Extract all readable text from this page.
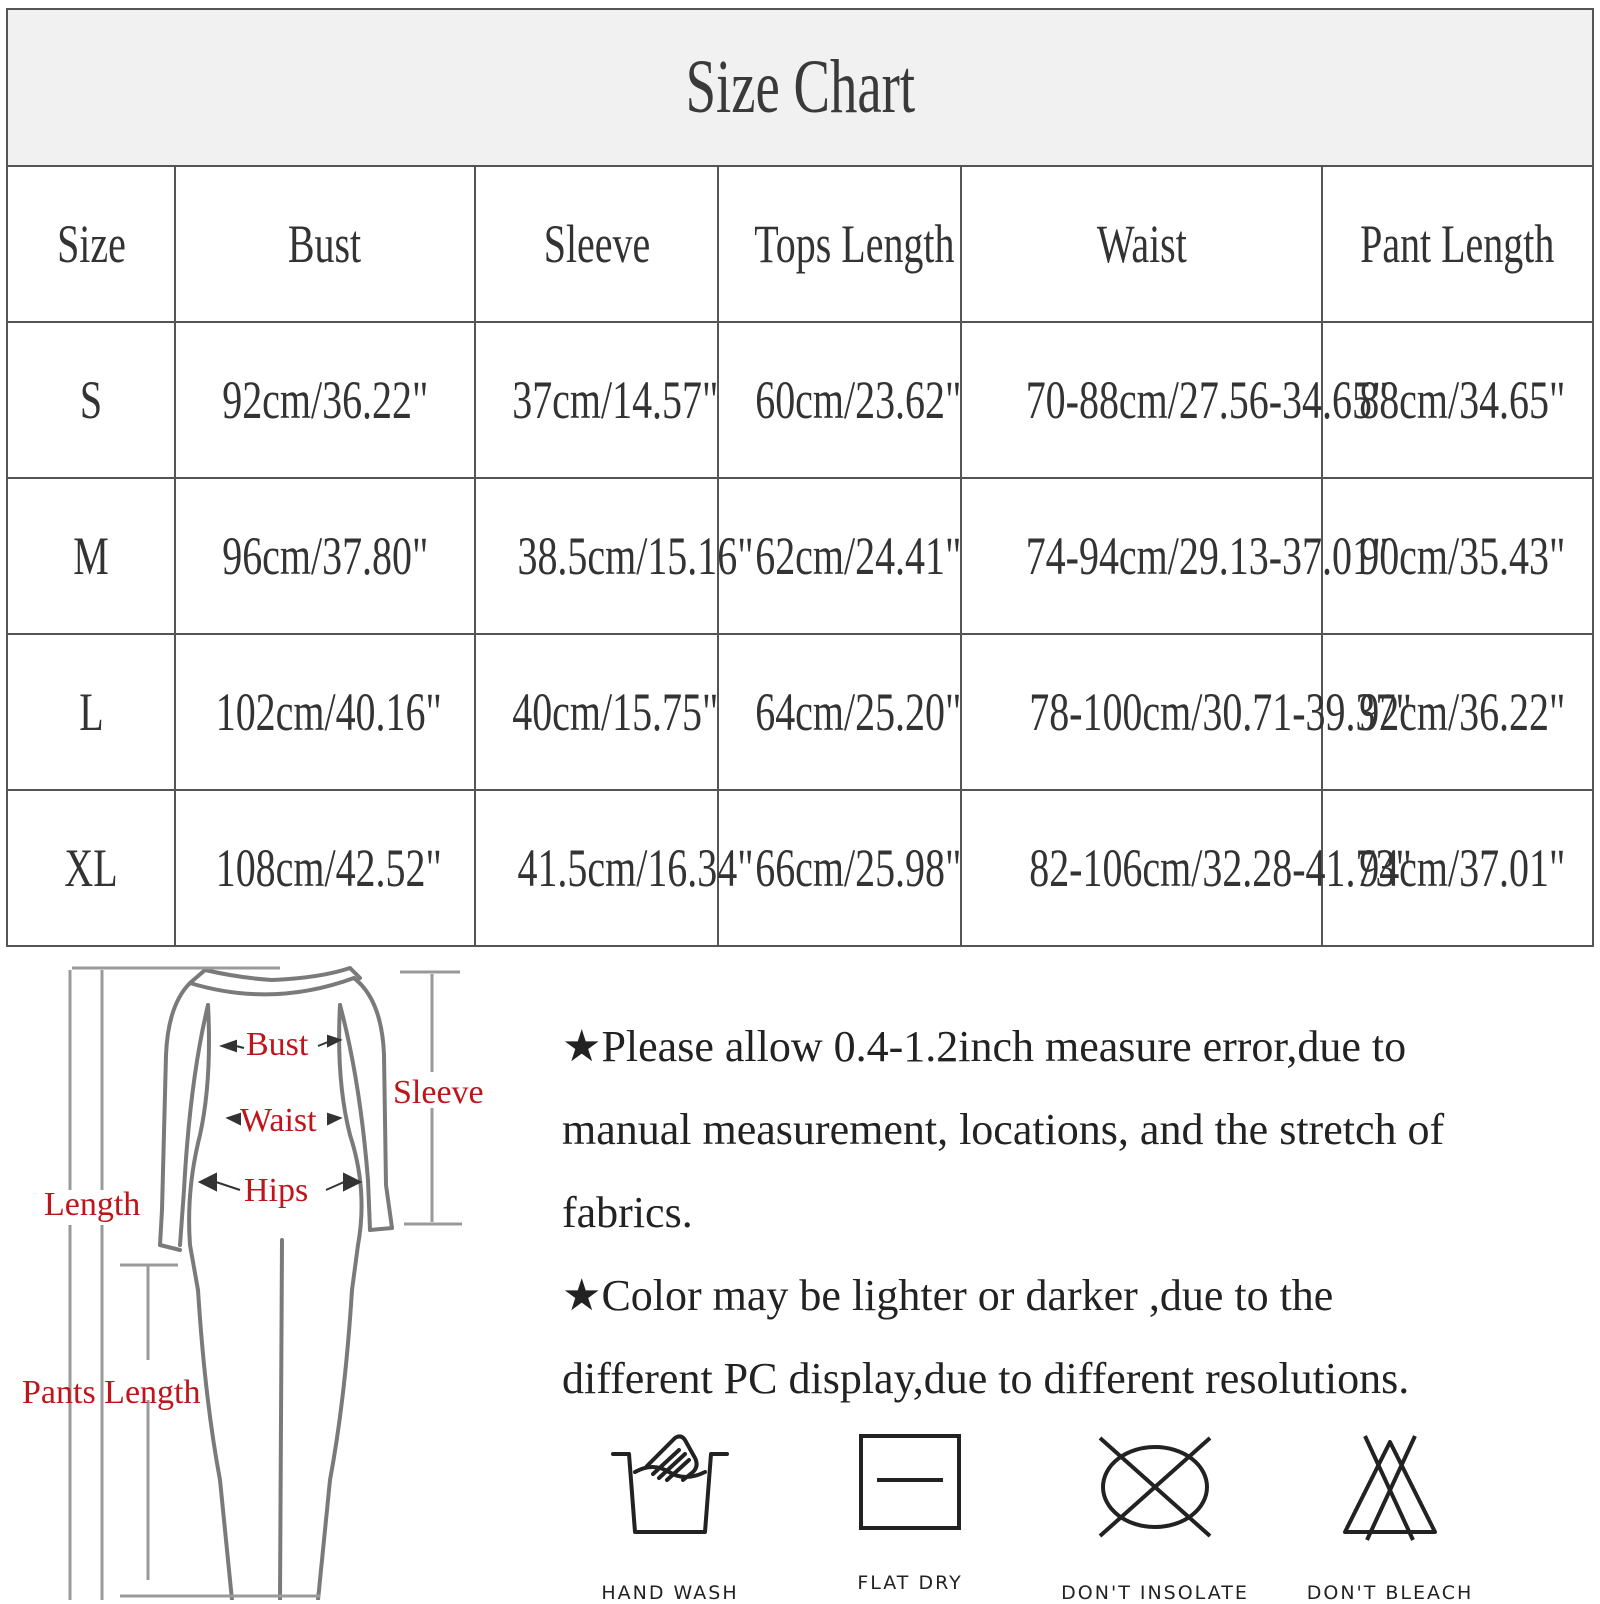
Size Chart					
Size	Bust	Sleeve	Tops Length	Waist	Pant Length
S	92cm/36.22"	37cm/14.57"	60cm/23.62"	70-88cm/27.56-34.65"	88cm/34.65"
M	96cm/37.80"	38.5cm/15.16"	62cm/24.41"	74-94cm/29.13-37.01"	90cm/35.43"
L	102cm/40.16"	40cm/15.75"	64cm/25.20"	78-100cm/30.71-39.37"	92cm/36.22"
XL	108cm/42.52"	41.5cm/16.34"	66cm/25.98"	82-106cm/32.28-41.73"	94cm/37.01"
Bust
Waist
Hips
Sleeve
Length
Pants Length

★Please allow 0.4-1.2inch measure error,due to

manual measurement, locations, and the stretch of

fabrics.

★Color may be lighter or darker ,due to the

different PC display,due to different resolutions.

HAND WASH	FLAT DRY	DON'T INSOLATE	DON'T BLEACH
